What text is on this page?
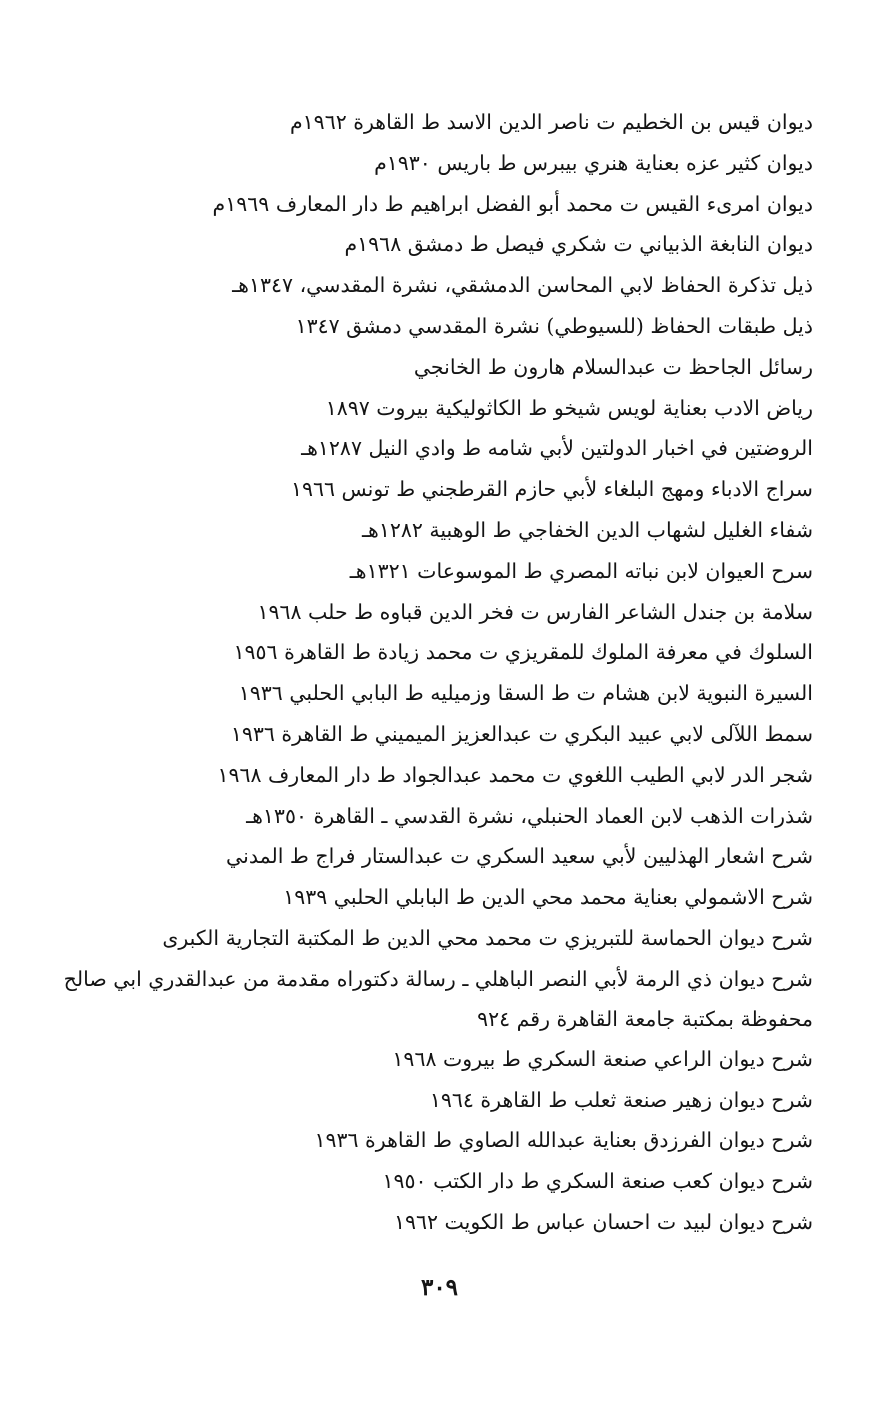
ديوان قيس بن الخطيم ت ناصر الدين الاسد ط القاهرة ١٩٦٢م
ديوان كثير عزه بعناية هنري بيبرس ط باريس ١٩٣٠م
ديوان امرىء القيس ت محمد أبو الفضل ابراهيم ط دار المعارف ١٩٦٩م
ديوان النابغة الذبياني ت شكري فيصل ط دمشق ١٩٦٨م
ذيل تذكرة الحفاظ لابي المحاسن الدمشقي، نشرة المقدسي، ١٣٤٧هـ
ذيل طبقات الحفاظ (للسيوطي) نشرة المقدسي دمشق ١٣٤٧
رسائل الجاحظ ت عبدالسلام هارون ط الخانجي
رياض الادب بعناية لويس شيخو ط الكاثوليكية بيروت ١٨٩٧
الروضتين في اخبار الدولتين لأبي شامه ط وادي النيل ١٢٨٧هـ
سراج الادباء ومهج البلغاء لأبي حازم القرطجني ط تونس ١٩٦٦
شفاء الغليل لشهاب الدين الخفاجي ط الوهبية ١٢٨٢هـ
سرح العيوان لابن نباته المصري ط الموسوعات ١٣٢١هـ
سلامة بن جندل الشاعر الفارس ت فخر الدين قباوه ط حلب ١٩٦٨
السلوك في معرفة الملوك للمقريزي ت محمد زيادة ط القاهرة ١٩٥٦
السيرة النبوية لابن هشام ت ط السقا وزميليه ط البابي الحلبي ١٩٣٦
سمط اللآلى لابي عبيد البكري ت عبدالعزيز الميميني ط القاهرة ١٩٣٦
شجر الدر لابي الطيب اللغوي ت محمد عبدالجواد ط دار المعارف ١٩٦٨
شذرات الذهب لابن العماد الحنبلي، نشرة القدسي ـ القاهرة ١٣٥٠هـ
شرح اشعار الهذليين لأبي سعيد السكري ت عبدالستار فراج ط المدني
شرح الاشمولي بعناية محمد محي الدين ط البابلي الحلبي ١٩٣٩
شرح ديوان الحماسة للتبريزي ت محمد محي الدين ط المكتبة التجارية الكبرى
شرح ديوان ذي الرمة لأبي النصر الباهلي ـ رسالة دكتوراه مقدمة من عبدالقدري ابي صالح
محفوظة بمكتبة جامعة القاهرة رقم ٩٢٤
شرح ديوان الراعي صنعة السكري ط بيروت ١٩٦٨
شرح ديوان زهير صنعة ثعلب ط القاهرة ١٩٦٤
شرح ديوان الفرزدق بعناية عبدالله الصاوي ط القاهرة ١٩٣٦
شرح ديوان كعب صنعة السكري ط دار الكتب ١٩٥٠
شرح ديوان لبيد ت احسان عباس ط الكويت ١٩٦٢
٣٠٩
